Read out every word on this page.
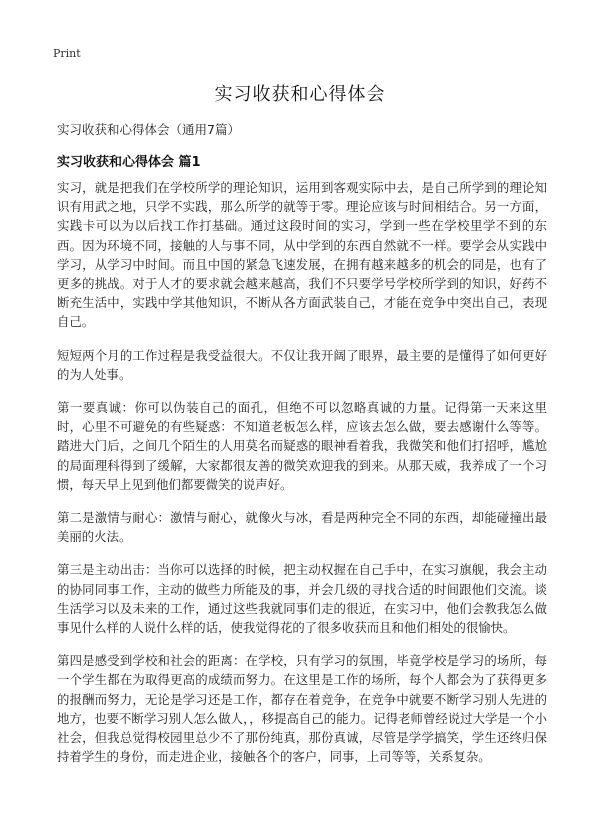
Print
实习收获和心得体会
实习收获和心得体会（通用7篇）
实习收获和心得体会 篇1

实习，就是把我们在学校所学的理论知识，运用到客观实际中去，是自己所学到的理论知识有用武之地，只学不实践，那么所学的就等于零。理论应该与时间相结合。另一方面，实践卡可以为以后找工作打基础。通过这段时间的实习，学到一些在学校里学不到的东西。因为环境不同，接触的人与事不同，从中学到的东西自然就不一样。要学会从实践中学习，从学习中时间。而且中国的紧急飞速发展，在拥有越来越多的机会的同是，也有了更多的挑战。对于人才的要求就会越来越高，我们不只要学号学校所学到的知识，好药不断充生活中，实践中学其他知识，不断从各方面武装自己，才能在竞争中突出自己，表现自己。

短短两个月的工作过程是我受益很大。不仅让我开阔了眼界，最主要的是懂得了如何更好的为人处事。

第一要真诚：你可以伪装自己的面孔，但绝不可以忽略真诚的力量。记得第一天来这里时，心里不可避免的有些疑惑：不知道老板怎么样，应该去怎么做，要去感谢什么等等。踏进大门后，之间几个陌生的人用莫名而疑惑的眼神看着我，我微笑和他们打招呼，尴尬的局面理科得到了缓解，大家都很友善的微笑欢迎我的到来。从那天威，我养成了一个习惯，每天早上见到他们都要微笑的说声好。

第二是激情与耐心：激情与耐心，就像火与冰，看是两种完全不同的东西，却能碰撞出最美丽的火法。

第三是主动出击：当你可以选择的时候，把主动权握在自己手中，在实习旗舰，我会主动的协同同事工作，主动的做些力所能及的事，并会几级的寻找合适的时间跟他们交流。谈生活学习以及未来的工作，通过这些我就同事们走的很近，在实习中，他们会教我怎么做事见什么样的人说什么样的话，使我觉得花的了很多收获而且和他们相处的很愉快。

第四是感受到学校和社会的距离：在学校，只有学习的氛围，毕竟学校是学习的场所，每一个学生都在为取得更高的成绩而努力。在这里是工作的场所，每个人都会为了获得更多的报酬而努力，无论是学习还是工作，都存在着竞争，在竞争中就要不断学习别人先进的地方，也要不断学习别人怎么做人，，移提高自己的能力。记得老师曾经说过大学是一个小社会，但我总觉得校园里总少不了那份纯真，那份真诚，尽管是学学搞笑，学生还终归保持着学生的身份，而走进企业，接触各个的客户，同事，上司等等，关系复杂。
